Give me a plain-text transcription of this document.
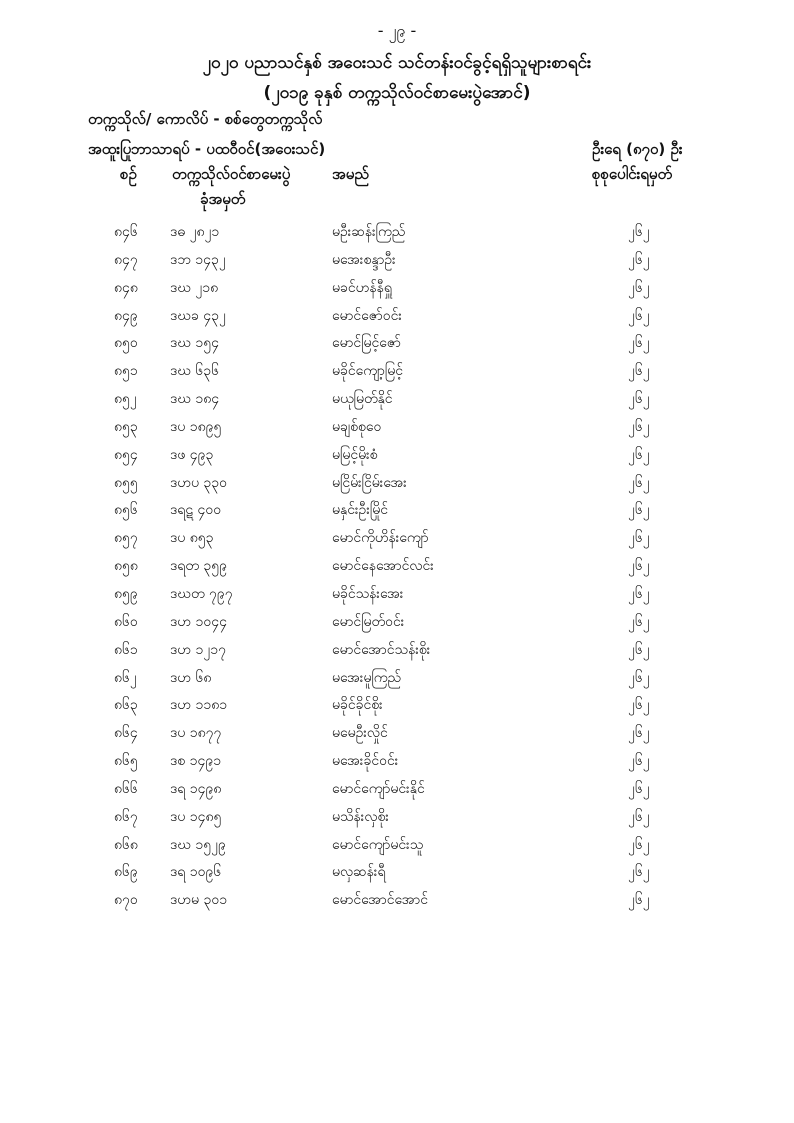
- ၂၉ -
၂၀၂၀ ပညာသင်နှစ် အဝေးသင် သင်တန်းဝင်ခွင့်ရရှိသူများစာရင်း
(၂၀၁၉ ခုနှစ် တက္ကသိုလ်ဝင်စာမေးပွဲအောင်)
တက္ကသိုလ်/ ကောလိပ် - စစ်တွေတက္ကသိုလ်
အထူးပြုဘာသာရပ် - ပထဝီဝင်(အဝေးသင်)	ဦးရေ (၈၇၀) ဦး
စဉ် တက္ကသိုလ်ဝင်စာမေးပွဲ
ခုံအမှတ်
အမည်	စုစုပေါင်းရမှတ်
၈၄၆ ဒဓ ၂၈၂၁	မဦးဆန်းကြည်	၂၆၂
၈၄၇ ဒဘ ၁၄၃၂	မအေးစန္ဒာဦး	၂၆၂
၈၄၈ ဒဃ ၂၁၈	မခင်ဟန်နီရှူ	၂၆၂
၈၄၉ ဒဃခ ၄၃၂	မောင်ဇော်ဝင်း	၂၆၂
၈၅၀ ဒဃ ၁၅၄	မောင်မြင့်ဇော်	၂၆၂
၈၅၁ ဒဃ ၆၃၆	မခိုင်ကျော့မြင့်	၂၆၂
၈၅၂ ဒဃ ၁၈၄	မယုမြတ်နိုင်	၂၆၂
၈၅၃ ဒပ ၁၈၉၅	မချစ်စုဝေ	၂၆၂
၈၅၄ ဒဖ ၄၉၃	မမြင့်မိုးစံ	၂၆၂
၈၅၅ ဒဟပ ၃၃၀	မငြိမ်းငြိမ်းအေး	၂၆၂
၈၅၆ ဒရဋ ၄၀၀	မနှင်းဦးမြိုင်	၂၆၂
၈၅၇ ဒပ ၈၅၃	မောင်ကိုဟိန်းကျော်	၂၆၂
၈၅၈ ဒရတ ၃၅၉	မောင်နေအောင်လင်း	၂၆၂
၈၅၉ ဒဃတ ၇၉၇	မခိုင်သန်းအေး	၂၆၂
၈၆၀ ဒဟ ၁၀၄၄	မောင်မြတ်ဝင်း	၂၆၂
၈၆၁ ဒဟ ၁၂၁၇	မောင်အောင်သန်းစိုး	၂၆၂
၈၆၂ ဒဟ ၆၈	မအေးမူကြည်	၂၆၂
၈၆၃ ဒဟ ၁၁၈၁	မခိုင်ခိုင်စိုး	၂၆၂
၈၆၄ ဒပ ၁၈၇၇	မမေဦးလှိုင်	၂၆၂
၈၆၅ ဒစ ၁၄၉၁	မအေးခိုင်ဝင်း	၂၆၂
၈၆၆ ဒရ ၁၄၉၈	မောင်ကျော်မင်းနိုင်	၂၆၂
၈၆၇ ဒပ ၁၄၈၅	မသိန်းလှစိုး	၂၆၂
၈၆၈ ဒဃ ၁၅၂၉	မောင်ကျော်မင်းသူ	၂၆၂
၈၆၉ ဒရ ၁၀၉၆	မလှဆန်းရီ	၂၆၂
၈၇၀ ဒဟမ ၃၀၁	မောင်အောင်အောင်	၂၆၂
